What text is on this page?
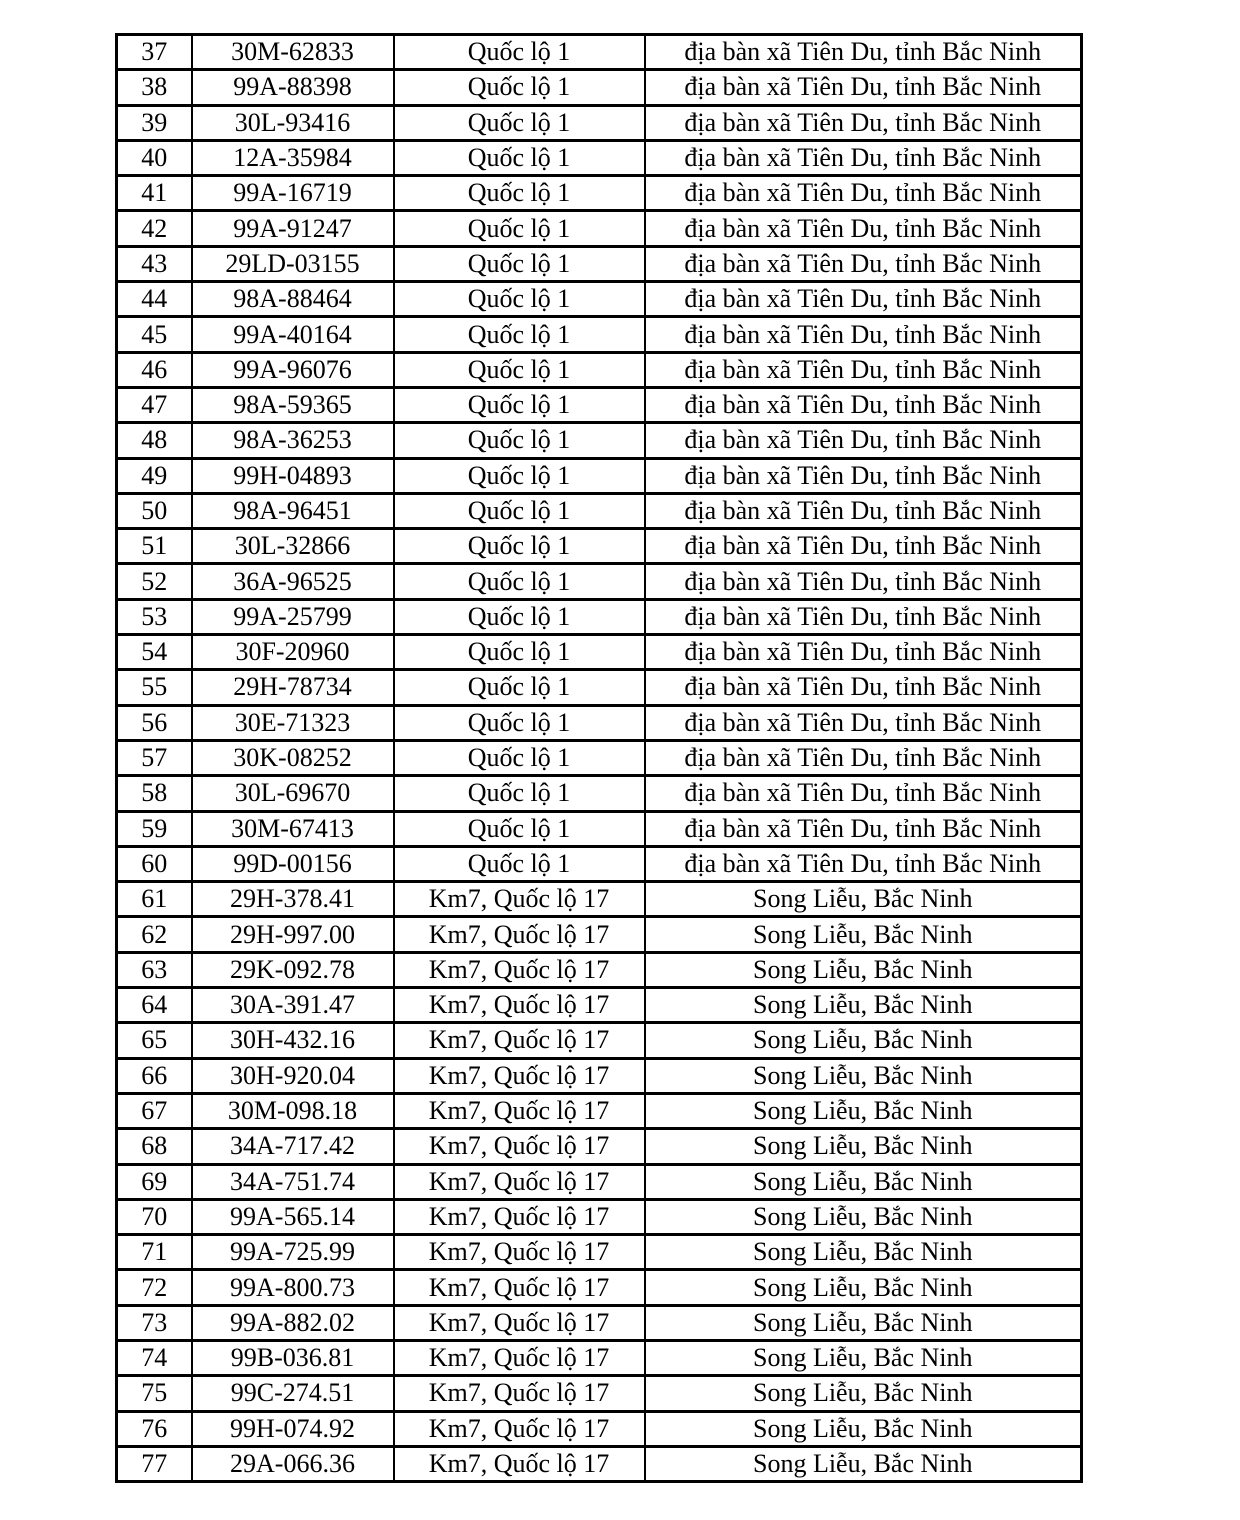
37	30M-62833	Quốc lộ 1	địa bàn xã Tiên Du, tỉnh Bắc Ninh
38	99A-88398	Quốc lộ 1	địa bàn xã Tiên Du, tỉnh Bắc Ninh
39	30L-93416	Quốc lộ 1	địa bàn xã Tiên Du, tỉnh Bắc Ninh
40	12A-35984	Quốc lộ 1	địa bàn xã Tiên Du, tỉnh Bắc Ninh
41	99A-16719	Quốc lộ 1	địa bàn xã Tiên Du, tỉnh Bắc Ninh
42	99A-91247	Quốc lộ 1	địa bàn xã Tiên Du, tỉnh Bắc Ninh
43	29LD-03155	Quốc lộ 1	địa bàn xã Tiên Du, tỉnh Bắc Ninh
44	98A-88464	Quốc lộ 1	địa bàn xã Tiên Du, tỉnh Bắc Ninh
45	99A-40164	Quốc lộ 1	địa bàn xã Tiên Du, tỉnh Bắc Ninh
46	99A-96076	Quốc lộ 1	địa bàn xã Tiên Du, tỉnh Bắc Ninh
47	98A-59365	Quốc lộ 1	địa bàn xã Tiên Du, tỉnh Bắc Ninh
48	98A-36253	Quốc lộ 1	địa bàn xã Tiên Du, tỉnh Bắc Ninh
49	99H-04893	Quốc lộ 1	địa bàn xã Tiên Du, tỉnh Bắc Ninh
50	98A-96451	Quốc lộ 1	địa bàn xã Tiên Du, tỉnh Bắc Ninh
51	30L-32866	Quốc lộ 1	địa bàn xã Tiên Du, tỉnh Bắc Ninh
52	36A-96525	Quốc lộ 1	địa bàn xã Tiên Du, tỉnh Bắc Ninh
53	99A-25799	Quốc lộ 1	địa bàn xã Tiên Du, tỉnh Bắc Ninh
54	30F-20960	Quốc lộ 1	địa bàn xã Tiên Du, tỉnh Bắc Ninh
55	29H-78734	Quốc lộ 1	địa bàn xã Tiên Du, tỉnh Bắc Ninh
56	30E-71323	Quốc lộ 1	địa bàn xã Tiên Du, tỉnh Bắc Ninh
57	30K-08252	Quốc lộ 1	địa bàn xã Tiên Du, tỉnh Bắc Ninh
58	30L-69670	Quốc lộ 1	địa bàn xã Tiên Du, tỉnh Bắc Ninh
59	30M-67413	Quốc lộ 1	địa bàn xã Tiên Du, tỉnh Bắc Ninh
60	99D-00156	Quốc lộ 1	địa bàn xã Tiên Du, tỉnh Bắc Ninh
61	29H-378.41	Km7, Quốc lộ 17	Song Liễu, Bắc Ninh
62	29H-997.00	Km7, Quốc lộ 17	Song Liễu, Bắc Ninh
63	29K-092.78	Km7, Quốc lộ 17	Song Liễu, Bắc Ninh
64	30A-391.47	Km7, Quốc lộ 17	Song Liễu, Bắc Ninh
65	30H-432.16	Km7, Quốc lộ 17	Song Liễu, Bắc Ninh
66	30H-920.04	Km7, Quốc lộ 17	Song Liễu, Bắc Ninh
67	30M-098.18	Km7, Quốc lộ 17	Song Liễu, Bắc Ninh
68	34A-717.42	Km7, Quốc lộ 17	Song Liễu, Bắc Ninh
69	34A-751.74	Km7, Quốc lộ 17	Song Liễu, Bắc Ninh
70	99A-565.14	Km7, Quốc lộ 17	Song Liễu, Bắc Ninh
71	99A-725.99	Km7, Quốc lộ 17	Song Liễu, Bắc Ninh
72	99A-800.73	Km7, Quốc lộ 17	Song Liễu, Bắc Ninh
73	99A-882.02	Km7, Quốc lộ 17	Song Liễu, Bắc Ninh
74	99B-036.81	Km7, Quốc lộ 17	Song Liễu, Bắc Ninh
75	99C-274.51	Km7, Quốc lộ 17	Song Liễu, Bắc Ninh
76	99H-074.92	Km7, Quốc lộ 17	Song Liễu, Bắc Ninh
77	29A-066.36	Km7, Quốc lộ 17	Song Liễu, Bắc Ninh
